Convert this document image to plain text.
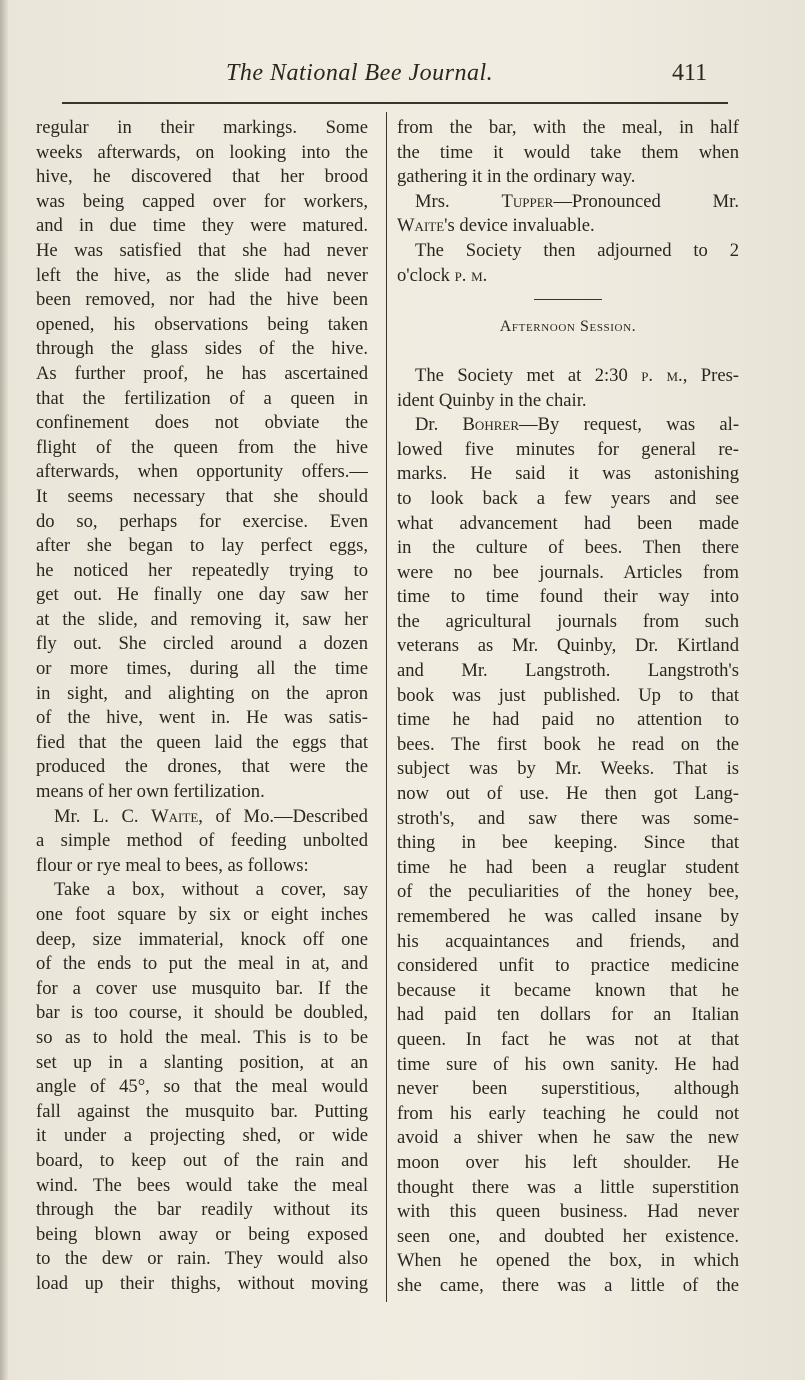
The National Bee Journal.	411
regular in their markings. Some
weeks afterwards, on looking into the
hive, he discovered that her brood
was being capped over for workers,
and in due time they were matured.
He was satisfied that she had never
left the hive, as the slide had never
been removed, nor had the hive been
opened, his observations being taken
through the glass sides of the hive.
As further proof, he has ascertained
that the fertilization of a queen in
confinement does not obviate the
flight of the queen from the hive
afterwards, when opportunity offers.—
It seems necessary that she should
do so, perhaps for exercise. Even
after she began to lay perfect eggs,
he noticed her repeatedly trying to
get out. He finally one day saw her
at the slide, and removing it, saw her
fly out. She circled around a dozen
or more times, during all the time
in sight, and alighting on the apron
of the hive, went in. He was satis-
fied that the queen laid the eggs that
produced the drones, that were the
means of her own fertilization.
Mr. L. C. Waite, of Mo.—Described
a simple method of feeding unbolted
flour or rye meal to bees, as follows:
Take a box, without a cover, say
one foot square by six or eight inches
deep, size immaterial, knock off one
of the ends to put the meal in at, and
for a cover use musquito bar. If the
bar is too course, it should be doubled,
so as to hold the meal. This is to be
set up in a slanting position, at an
angle of 45°, so that the meal would
fall against the musquito bar. Putting
it under a projecting shed, or wide
board, to keep out of the rain and
wind. The bees would take the meal
through the bar readily without its
being blown away or being exposed
to the dew or rain. They would also
load up their thighs, without moving
from the bar, with the meal, in half
the time it would take them when
gathering it in the ordinary way.
Mrs. Tupper—Pronounced Mr.
Waite's device invaluable.
The Society then adjourned to 2
o'clock p. m.
Afternoon Session.
The Society met at 2:30 p. m., Pres-
ident Quinby in the chair.
Dr. Bohrer—By request, was al-
lowed five minutes for general re-
marks. He said it was astonishing
to look back a few years and see
what advancement had been made
in the culture of bees. Then there
were no bee journals. Articles from
time to time found their way into
the agricultural journals from such
veterans as Mr. Quinby, Dr. Kirtland
and Mr. Langstroth. Langstroth's
book was just published. Up to that
time he had paid no attention to
bees. The first book he read on the
subject was by Mr. Weeks. That is
now out of use. He then got Lang-
stroth's, and saw there was some-
thing in bee keeping. Since that
time he had been a reuglar student
of the peculiarities of the honey bee,
remembered he was called insane by
his acquaintances and friends, and
considered unfit to practice medicine
because it became known that he
had paid ten dollars for an Italian
queen. In fact he was not at that
time sure of his own sanity. He had
never been superstitious, although
from his early teaching he could not
avoid a shiver when he saw the new
moon over his left shoulder. He
thought there was a little superstition
with this queen business. Had never
seen one, and doubted her existence.
When he opened the box, in which
she came, there was a little of the
